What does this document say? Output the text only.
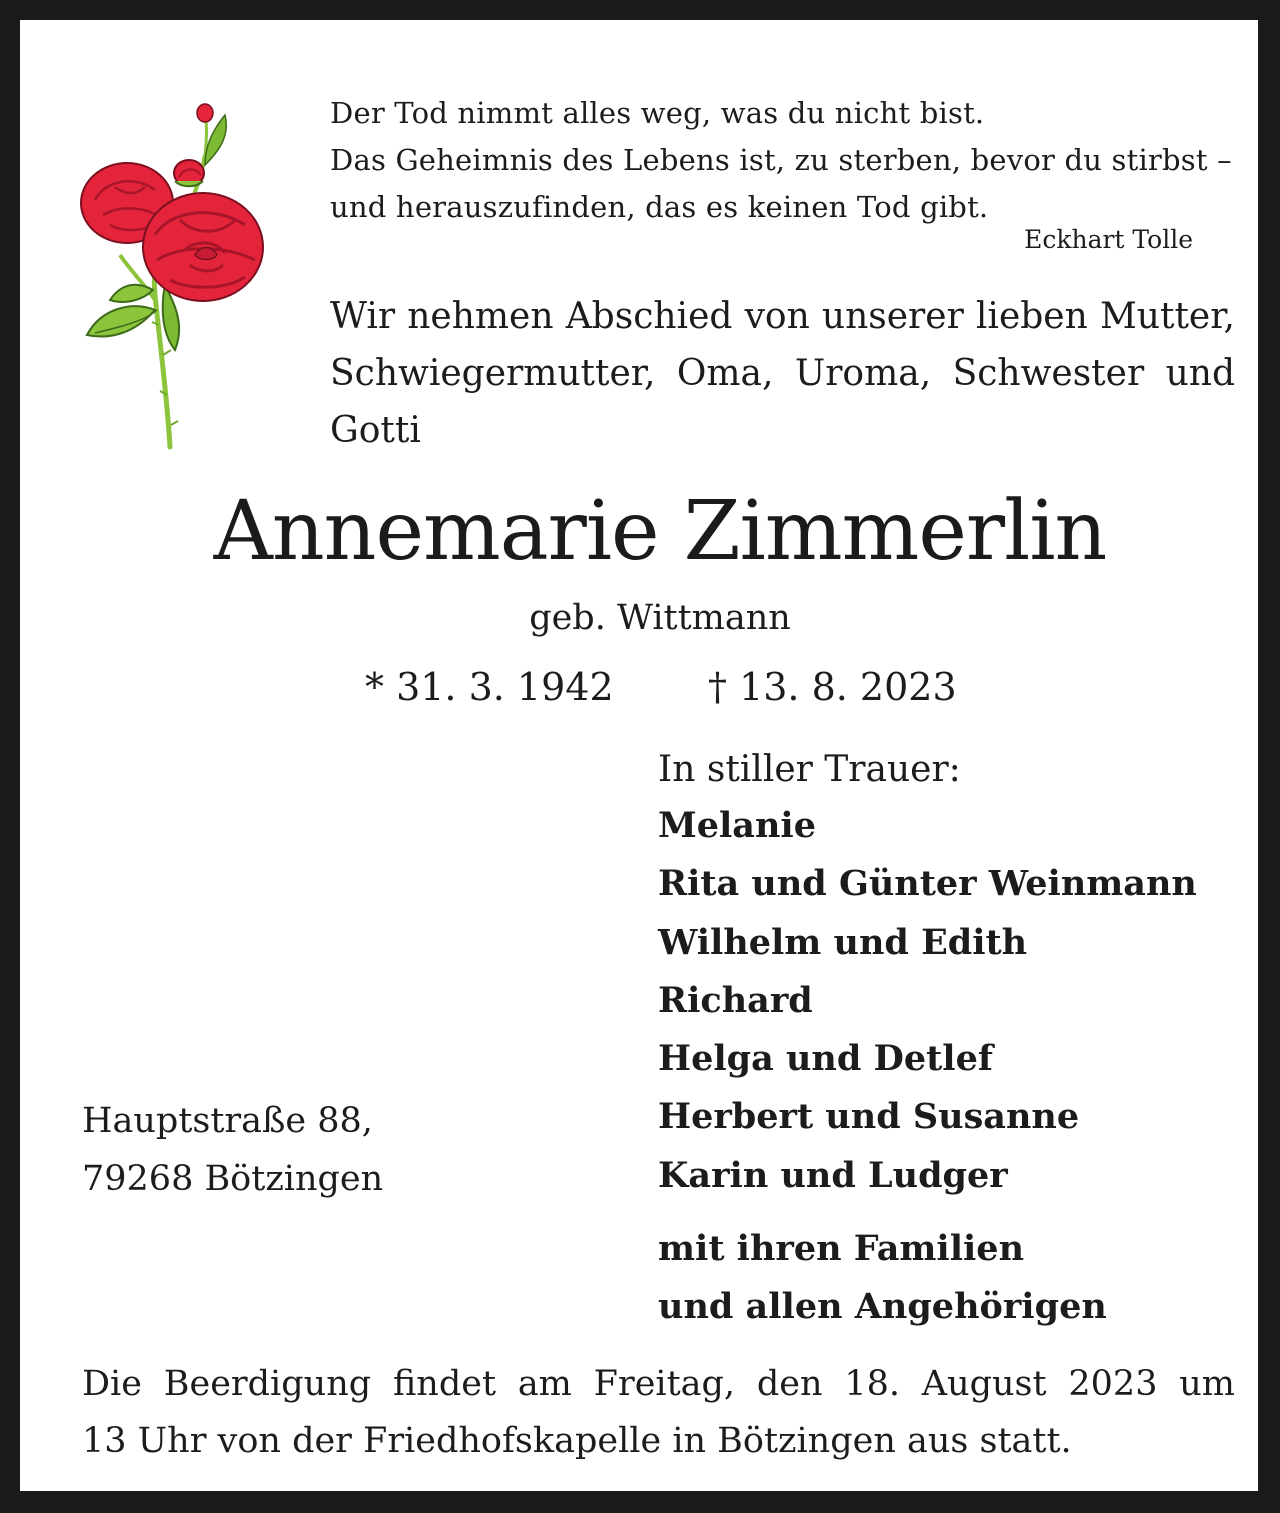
Der Tod nimmt alles weg, was du nicht bist.
Das Geheimnis des Lebens ist, zu sterben, bevor du stirbst –
und herauszufinden, das es keinen Tod gibt.
Eckhart Tolle
Wir nehmen Abschied von unserer lieben Mutter,
Schwiegermutter, Oma, Uroma, Schwester und
Gotti
Annemarie Zimmerlin
geb. Wittmann
* 31. 3. 1942 † 13. 8. 2023
In stiller Trauer:
Melanie
Rita und Günter Weinmann
Wilhelm und Edith
Richard
Helga und Detlef
Herbert und Susanne
Karin und Ludger
mit ihren Familien
und allen Angehörigen
Hauptstraße 88,
79268 Bötzingen
Die Beerdigung findet am Freitag, den 18. August 2023 um
13 Uhr von der Friedhofskapelle in Bötzingen aus statt.
